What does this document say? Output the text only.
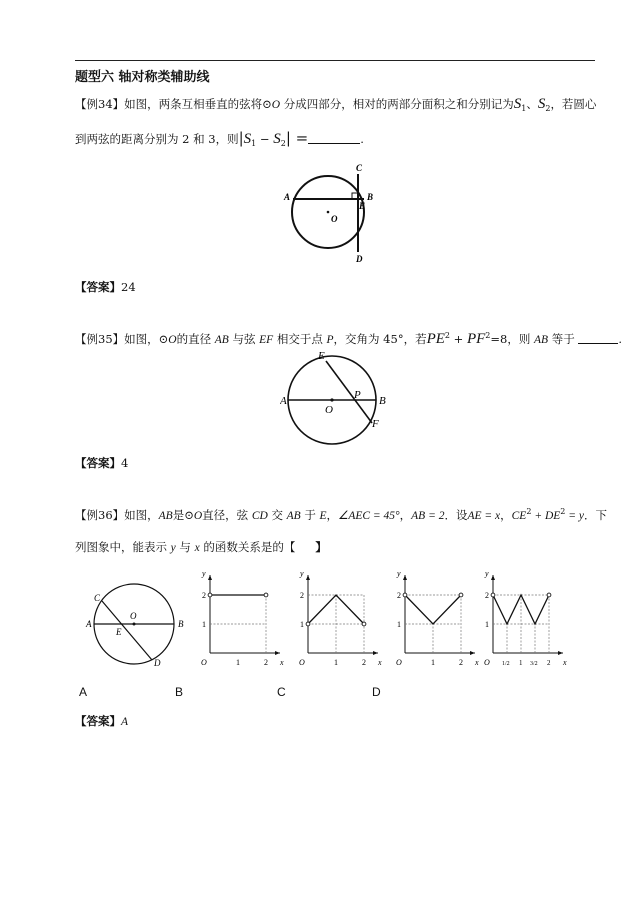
题型六 轴对称类辅助线
【例34】如图，两条互相垂直的弦将⊙O 分成四部分，相对的两部分面积之和分别记为$S_1$、$S_2$，若圆心
到两弦的距离分别为 2 和 3，则$|S_1 - S_2|$ =	.
A	B
C
D
E
O
【答案】24
【例35】如图，⊙O的直径 AB 与弦 EF 相交于点 P，交角为 45°，若$PE^2 + PF^2=8$，则 AB 等于	.
A	B
E
F
P
O
【答案】4
【例36】如图，AB是⊙O直径，弦 CD 交 AB 于 E，∠AEC = 45°，AB = 2．设AE = x，$CE^2 + DE^2 = y$．下
列图象中，能表示 y 与 x 的函数关系是的【 】
A	B
C
D
E
O
y
x
O
2
1
1	2
y
x
O
2
1
1	2
y
x
O
2
1
1	2
y
x
O
2
1
1/2 1 3/2 2
A	B	C	D
【答案】A
